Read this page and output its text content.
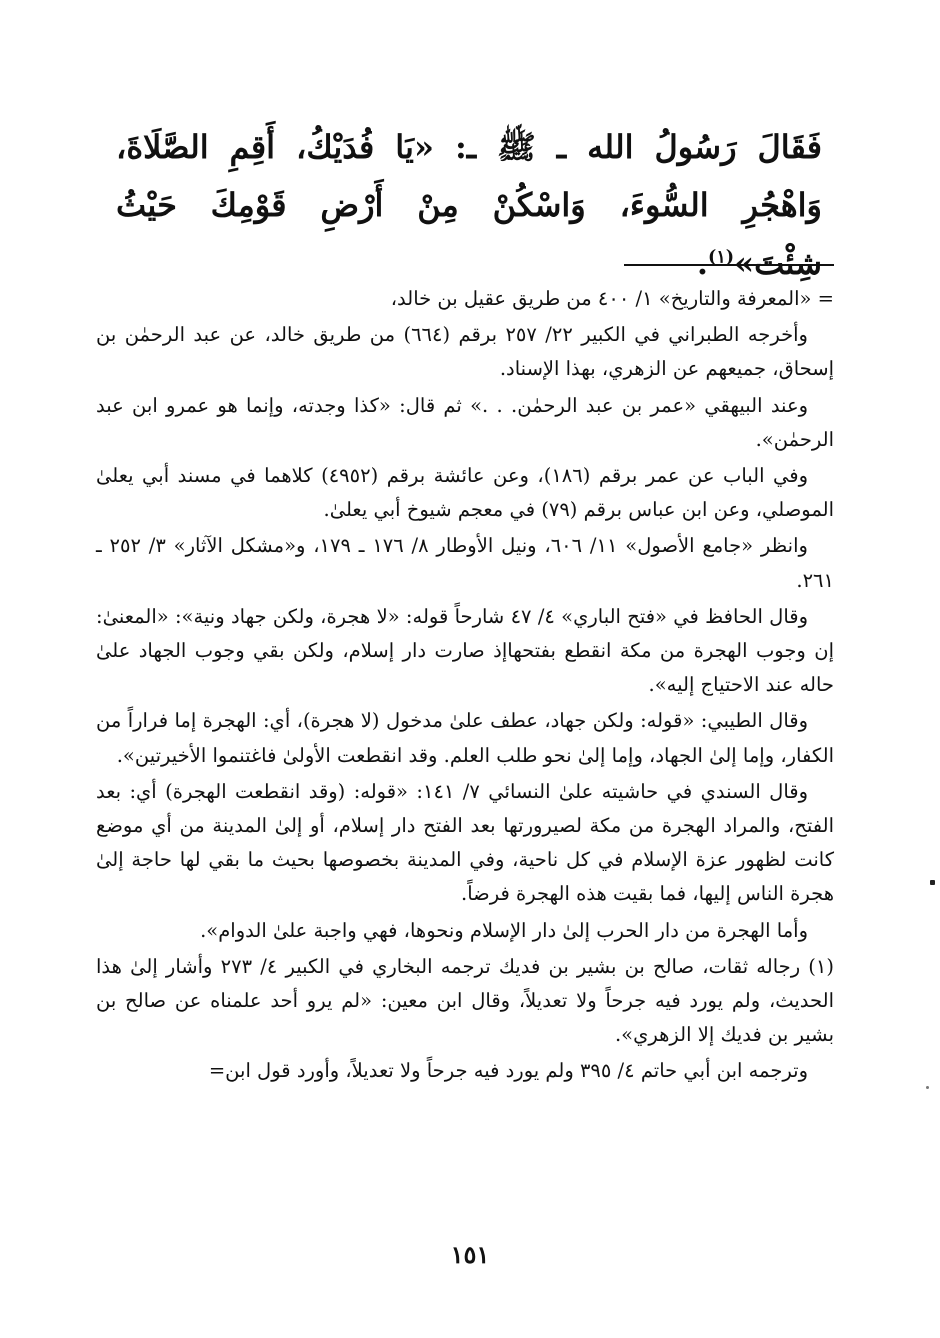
فَقَالَ رَسُولُ الله ـ ﷺ ـ: «يَا فُدَيْكُ، أَقِمِ الصَّلَاةَ، وَاهْجُرِ السُّوءَ، وَاسْكُنْ مِنْ أَرْضِ قَوْمِكَ حَيْثُ شِئْتَ»$^{(١)}$.

= «المعرفة والتاريخ» ١/ ٤٠٠ من طريق عقيل بن خالد،

وأخرجه الطبراني في الكبير ٢٢/ ٢٥٧ برقم (٦٦٤) من طريق خالد، عن عبد الرحمٰن بن إسحاق، جميعهم عن الزهري، بهذا الإسناد.

وعند البيهقي «عمر بن عبد الرحمٰن. . .» ثم قال: «كذا وجدته، وإنما هو عمرو ابن عبد الرحمٰن».

وفي الباب عن عمر برقم (١٨٦)، وعن عائشة برقم (٤٩٥٢) كلاهما في مسند أبي يعلىٰ الموصلي، وعن ابن عباس برقم (٧٩) في معجم شيوخ أبي يعلىٰ.

وانظر «جامع الأصول» ١١/ ٦٠٦، ونيل الأوطار ٨/ ١٧٦ ـ ١٧٩، و«مشكل الآثار» ٣/ ٢٥٢ ـ ٢٦١.

وقال الحافظ في «فتح الباري» ٤/ ٤٧ شارحاً قوله: «لا هجرة، ولكن جهاد ونية»: «المعنىٰ: إن وجوب الهجرة من مكة انقطع بفتحهاإذ صارت دار إسلام، ولكن بقي وجوب الجهاد علىٰ حاله عند الاحتياج إليه».

وقال الطيبي: «قوله: ولكن جهاد، عطف علىٰ مدخول (لا هجرة)، أي: الهجرة إما فراراً من الكفار، وإما إلىٰ الجهاد، وإما إلىٰ نحو طلب العلم. وقد انقطعت الأولىٰ فاغتنموا الأخيرتين».

وقال السندي في حاشيته علىٰ النسائي ٧/ ١٤١: «قوله: (وقد انقطعت الهجرة) أي: بعد الفتح، والمراد الهجرة من مكة لصيرورتها بعد الفتح دار إسلام، أو إلىٰ المدينة من أي موضع كانت لظهور عزة الإسلام في كل ناحية، وفي المدينة بخصوصها بحيث ما بقي لها حاجة إلىٰ هجرة الناس إليها، فما بقيت هذه الهجرة فرضاً.

وأما الهجرة من دار الحرب إلىٰ دار الإسلام ونحوها، فهي واجبة علىٰ الدوام».

(١) رجاله ثقات، صالح بن بشير بن فديك ترجمه البخاري في الكبير ٤/ ٢٧٣ وأشار إلىٰ هذا الحديث، ولم يورد فيه جرحاً ولا تعديلاً، وقال ابن معين: «لم يرو أحد علمناه عن صالح بن بشير بن فديك إلا الزهري».

وترجمه ابن أبي حاتم ٤/ ٣٩٥ ولم يورد فيه جرحاً ولا تعديلاً، وأورد قول ابن=

١٥١
